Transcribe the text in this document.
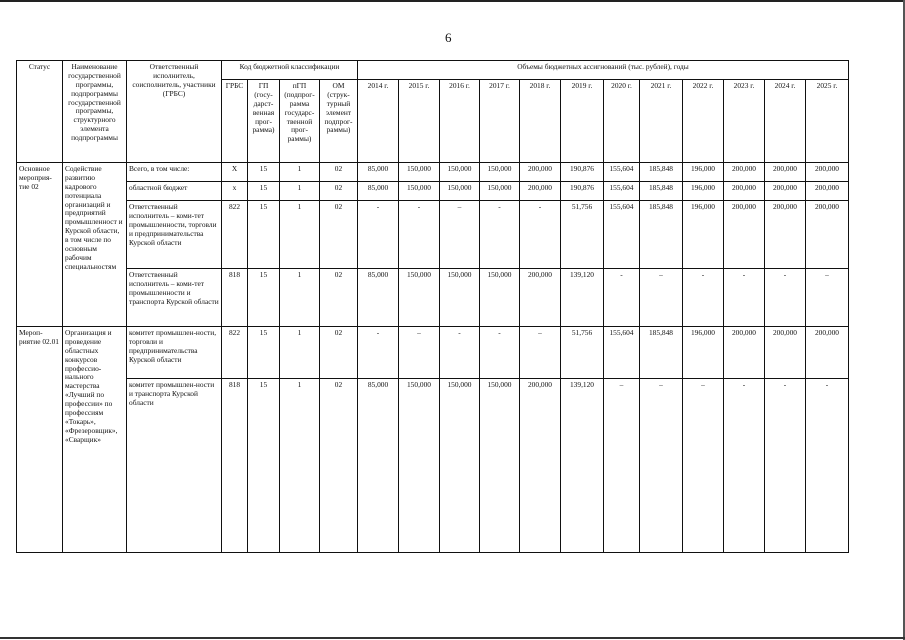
6
Статус	Наименование государственной программы, подпрограммы государственной программы, структурного элемента подпрограммы	Ответственный исполнитель, соисполнитель, участники (ГРБС)	Код бюджетной классификации				Объемы бюджетных ассигнований (тыс. рублей), годы											
			ГРБС	ГП (госу-дарст-венная прог-рамма)	пГП (подпрог-рамма государс-твенной прог-раммы)	ОМ (струк-турный элемент подпрог-раммы)	2014 г.	2015 г.	2016 г.	2017 г.	2018 г.	2019 г.	2020 г.	2021 г.	2022 г.	2023 г.	2024 г.	2025 г.
Основное мероприя-тие 02	Содействие развитию кадрового потенциала организаций и предприятий промышленност и Курской области, в том числе по основным рабочим специальностям	Всего, в том числе:	X	15	1	02	85,000	150,000	150,000	150,000	200,000	190,876	155,604	185,848	196,000	200,000	200,000	200,000
		областной бюджет	x	15	1	02	85,000	150,000	150,000	150,000	200,000	190,876	155,604	185,848	196,000	200,000	200,000	200,000
		Ответственный исполнитель – коми-тет промышленности, торговли и предпринимательства Курской области	822	15	1	02	-	-	–	-	-	51,756	155,604	185,848	196,000	200,000	200,000	200,000
		Ответственный исполнитель – коми-тет промышленности и транспорта Курской области	818	15	1	02	85,000	150,000	150,000	150,000	200,000	139,120	-	–	-	-	-	–
Мероп-риятие 02.01	Организация и проведение областных конкурсов профессио-нального мастерства «Лучший по профессии» по профессиям «Токарь», «Фрезеровщик», «Сварщик»	комитет промышлен-ности, торговли и предпринимательства Курской области	822	15	1	02	-	–	-	-	–	51,756	155,604	185,848	196,000	200,000	200,000	200,000
		комитет промышлен-ности и транспорта Курской области	818	15	1	02	85,000	150,000	150,000	150,000	200,000	139,120	–	–	–	-	-	-
